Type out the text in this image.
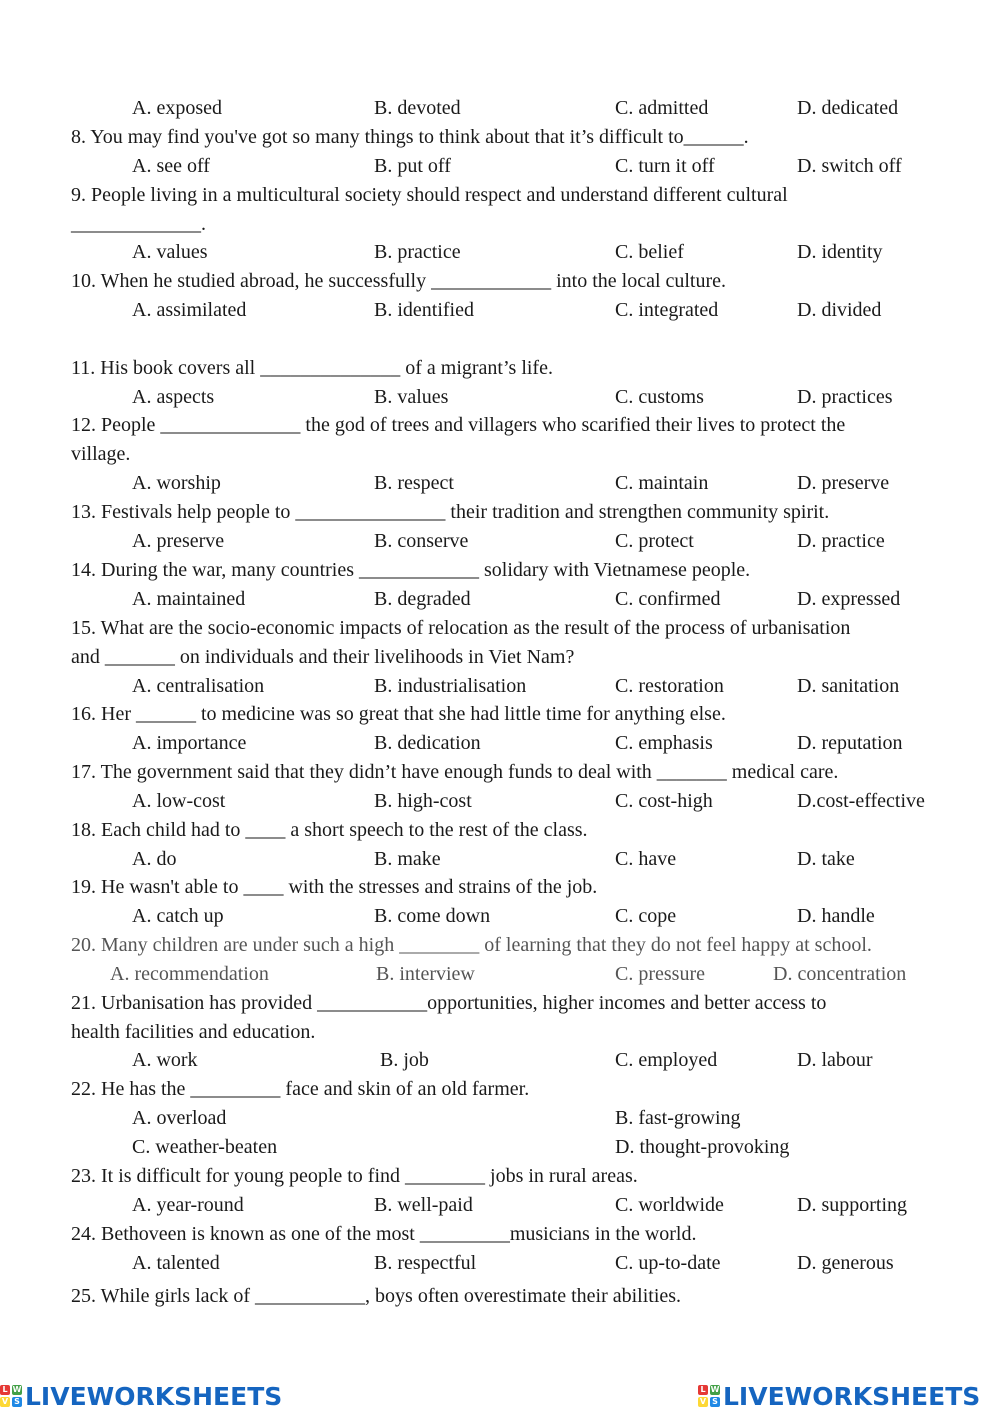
A. exposed	B. devoted	C. admitted	D. dedicated
8. You may find you've got so many things to think about that it’s difficult to______.
A. see off	B. put off	C. turn it off	D. switch off
9. People living in a multicultural society should respect and understand different cultural
_____________.
A. values	B. practice	C. belief	D. identity
10. When he studied abroad, he successfully ____________ into the local culture.
A. assimilated	B. identified	C. integrated	D. divided
11. His book covers all ______________ of a migrant’s life.
A. aspects	B. values	C. customs	D. practices
12. People ______________ the god of trees and villagers who scarified their lives to protect the
village.
A. worship	B. respect	C. maintain	D. preserve
13. Festivals help people to _______________ their tradition and strengthen community spirit.
A. preserve	B. conserve	C. protect	D. practice
14. During the war, many countries ____________ solidary with Vietnamese people.
A. maintained	B. degraded	C. confirmed	D. expressed
15. What are the socio-economic impacts of relocation as the result of the process of urbanisation
and _______ on individuals and their livelihoods in Viet Nam?
A. centralisation	B. industrialisation	C. restoration	D. sanitation
16. Her ______ to medicine was so great that she had little time for anything else.
A. importance	B. dedication	C. emphasis	D. reputation
17. The government said that they didn’t have enough funds to deal with _______ medical care.
A. low-cost	B. high-cost	C. cost-high	D.cost-effective
18. Each child had to ____ a short speech to the rest of the class.
A. do	B. make	C. have	D. take
19. He wasn't able to ____ with the stresses and strains of the job.
A. catch up	B. come down	C. cope	D. handle
20. Many children are under such a high ________ of learning that they do not feel happy at school.
A. recommendation	B. interview	C. pressure	D. concentration
21. Urbanisation has provided ___________opportunities, higher incomes and better access to
health facilities and education.
A. work	B. job	C. employed	D. labour
22. He has the _________ face and skin of an old farmer.
A. overload	B. fast-growing
C. weather-beaten	D. thought-provoking
23. It is difficult for young people to find ________ jobs in rural areas.
A. year-round	B. well-paid	C. worldwide	D. supporting
24. Bethoveen is known as one of the most _________musicians in the world.
A. talented	B. respectful	C. up-to-date	D. generous
25. While girls lack of ___________, boys often overestimate their abilities.
L W
V S LIVEWORKSHEETS	L W
V S LIVEWORKSHEETS
